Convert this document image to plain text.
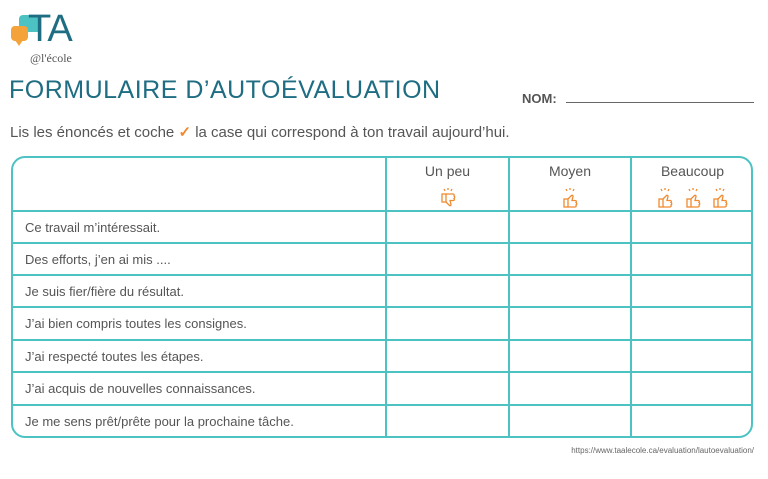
TA
@l'école
FORMULAIRE D’AUTOÉVALUATION	NOM:
Lis les énoncés et coche ✓ la case qui correspond à ton travail aujourd’hui.
Un peu	Moyen	Beaucoup

Ce travail m’intéressait.
Des efforts, j’en ai mis ....
Je suis fier/fière du résultat.
J’ai bien compris toutes les consignes.
J’ai respecté toutes les étapes.
J’ai acquis de nouvelles connaissances.
Je me sens prêt/prête pour la prochaine tâche.
https://www.taalecole.ca/evaluation/lautoevaluation/
